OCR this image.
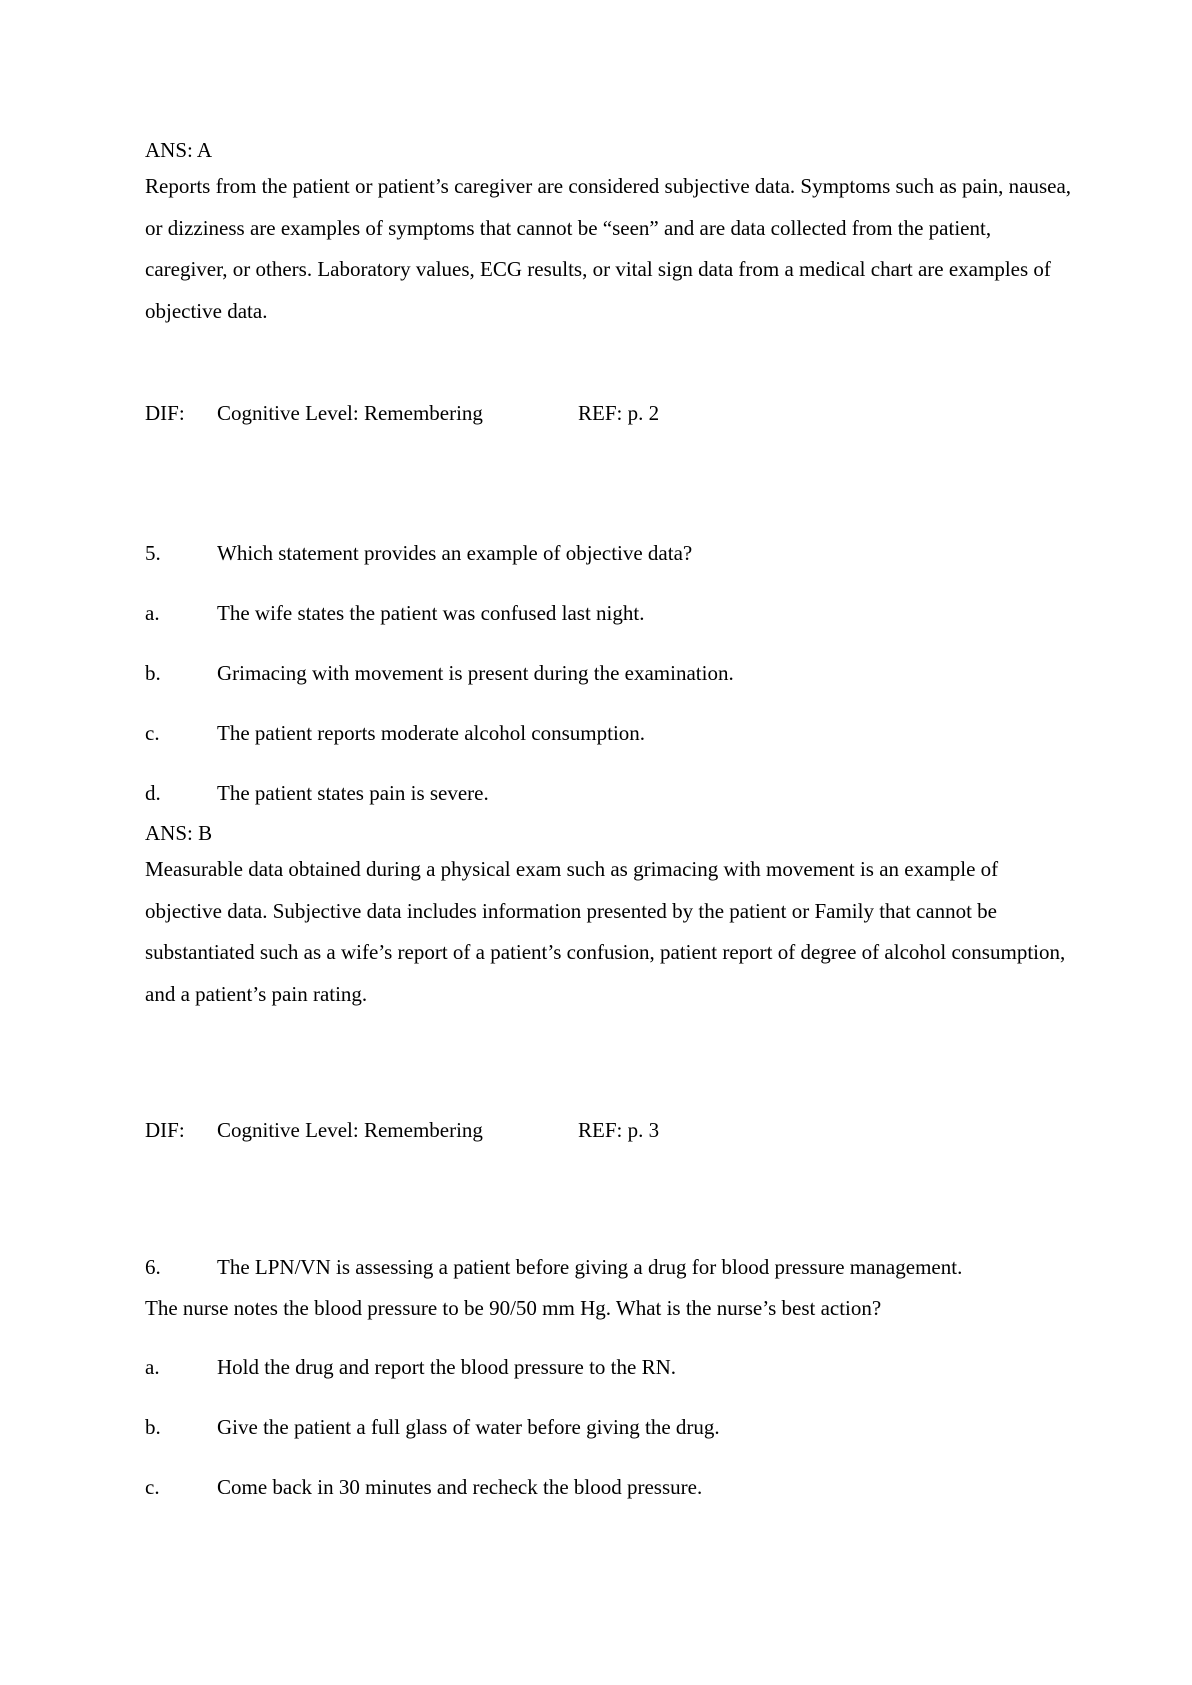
ANS: A

Reports from the patient or patient’s caregiver are considered subjective data. Symptoms such as pain, nausea, or dizziness are examples of symptoms that cannot be “seen” and are data collected from the patient, caregiver, or others. Laboratory values, ECG results, or vital sign data from a medical chart are examples of objective data.

DIF: Cognitive Level: Remembering	REF: p. 2
5.	Which statement provides an example of objective data?
a.	The wife states the patient was confused last night.
b.	Grimacing with movement is present during the examination.
c.	The patient reports moderate alcohol consumption.
d.	The patient states pain is severe.
ANS: B

Measurable data obtained during a physical exam such as grimacing with movement is an example of objective data. Subjective data includes information presented by the patient or Family that cannot be substantiated such as a wife’s report of a patient’s confusion, patient report of degree of alcohol consumption, and a patient’s pain rating.

DIF: Cognitive Level: Remembering	REF: p. 3
6.	The LPN/VN is assessing a patient before giving a drug for blood pressure management.
The nurse notes the blood pressure to be 90/50 mm Hg. What is the nurse’s best action?
a.	Hold the drug and report the blood pressure to the RN.
b.	Give the patient a full glass of water before giving the drug.
c.	Come back in 30 minutes and recheck the blood pressure.
